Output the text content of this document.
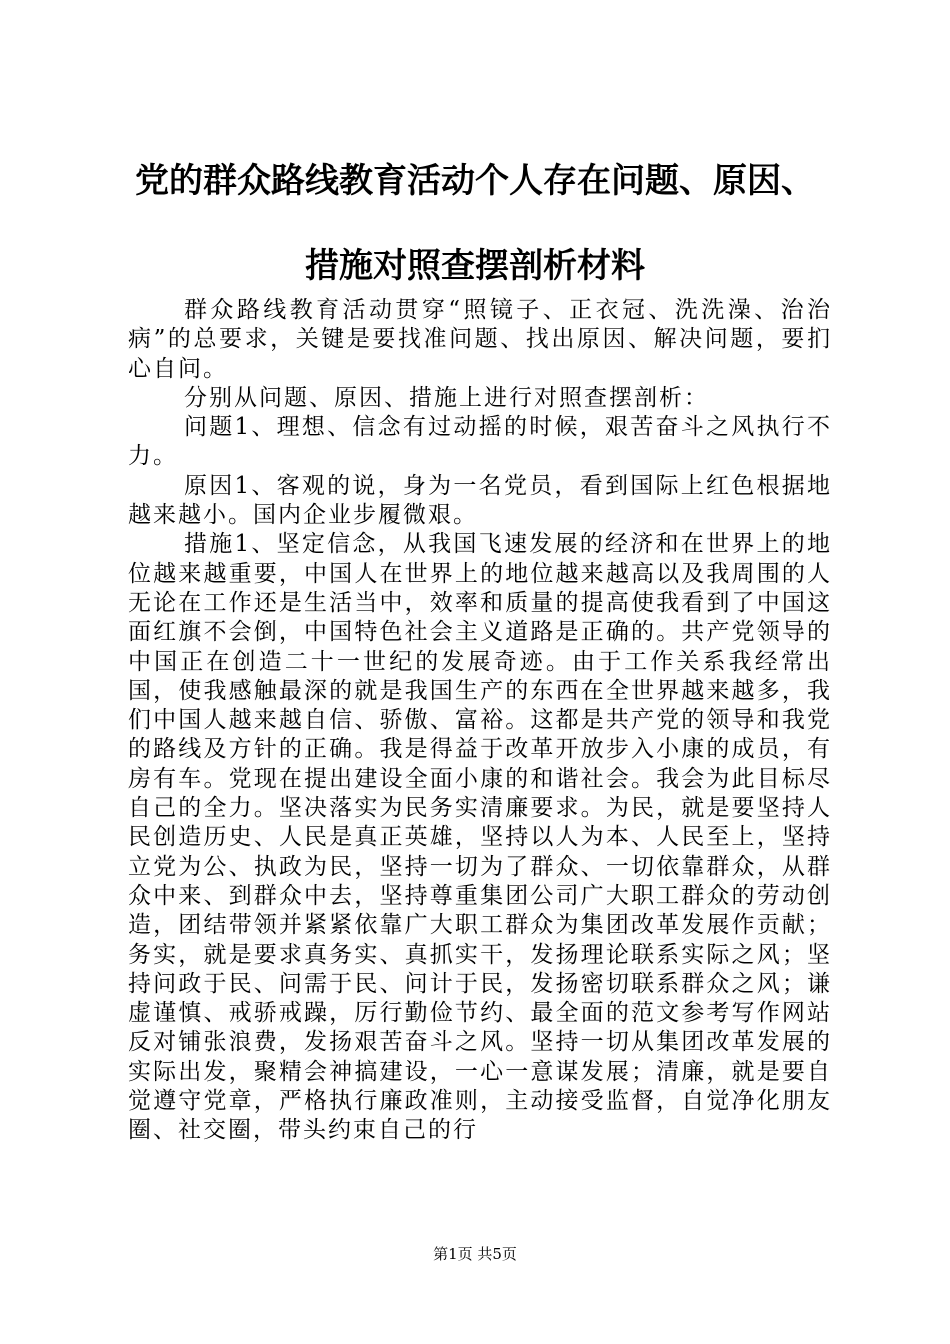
党的群众路线教育活动个人存在问题、原因、
措施对照查摆剖析材料

群众路线教育活动贯穿“照镜子、正衣冠、洗洗澡、治治病”的总要求，关键是要找准问题、找出原因、解决问题，要扪心自问。

分别从问题、原因、措施上进行对照查摆剖析：

问题1、理想、信念有过动摇的时候，艰苦奋斗之风执行不力。

原因1、客观的说，身为一名党员，看到国际上红色根据地越来越小。国内企业步履微艰。

措施1、坚定信念，从我国飞速发展的经济和在世界上的地位越来越重要，中国人在世界上的地位越来越高以及我周围的人无论在工作还是生活当中，效率和质量的提高使我看到了中国这面红旗不会倒，中国特色社会主义道路是正确的。共产党领导的中国正在创造二十一世纪的发展奇迹。由于工作关系我经常出国，使我感触最深的就是我国生产的东西在全世界越来越多，我们中国人越来越自信、骄傲、富裕。这都是共产党的领导和我党的路线及方针的正确。我是得益于改革开放步入小康的成员，有房有车。党现在提出建设全面小康的和谐社会。我会为此目标尽自己的全力。坚决落实为民务实清廉要求。为民，就是要坚持人民创造历史、人民是真正英雄，坚持以人为本、人民至上，坚持立党为公、执政为民，坚持一切为了群众、一切依靠群众，从群众中来、到群众中去，坚持尊重集团公司广大职工群众的劳动创造，团结带领并紧紧依靠广大职工群众为集团改革发展作贡献；务实，就是要求真务实、真抓实干，发扬理论联系实际之风；坚持问政于民、问需于民、问计于民，发扬密切联系群众之风；谦虚谨慎、戒骄戒躁，厉行勤俭节约、最全面的范文参考写作网站反对铺张浪费，发扬艰苦奋斗之风。坚持一切从集团改革发展的实际出发，聚精会神搞建设，一心一意谋发展；清廉，就是要自觉遵守党章，严格执行廉政准则，主动接受监督，自觉净化朋友圈、社交圈，带头约束自己的行

第1页 共5页
